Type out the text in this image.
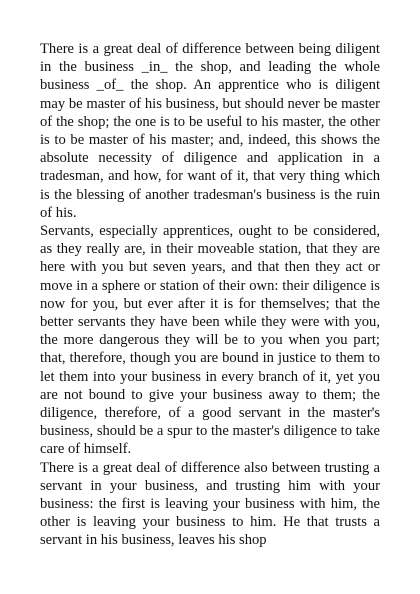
There is a great deal of difference between being diligent in the business _in_ the shop, and leading the whole business _of_ the shop. An apprentice who is diligent may be master of his business, but should never be master of the shop; the one is to be useful to his master, the other is to be master of his master; and, indeed, this shows the absolute necessity of diligence and application in a tradesman, and how, for want of it, that very thing which is the blessing of another tradesman's business is the ruin of his.

Servants, especially apprentices, ought to be considered, as they really are, in their moveable station, that they are here with you but seven years, and that then they act or move in a sphere or station of their own: their diligence is now for you, but ever after it is for themselves; that the better servants they have been while they were with you, the more dangerous they will be to you when you part; that, therefore, though you are bound in justice to them to let them into your business in every branch of it, yet you are not bound to give your business away to them; the diligence, therefore, of a good servant in the master's business, should be a spur to the master's diligence to take care of himself.

There is a great deal of difference also between trusting a servant in your business, and trusting him with your business: the first is leaving your business with him, the other is leaving your business to him. He that trusts a servant in his business, leaves his shop
